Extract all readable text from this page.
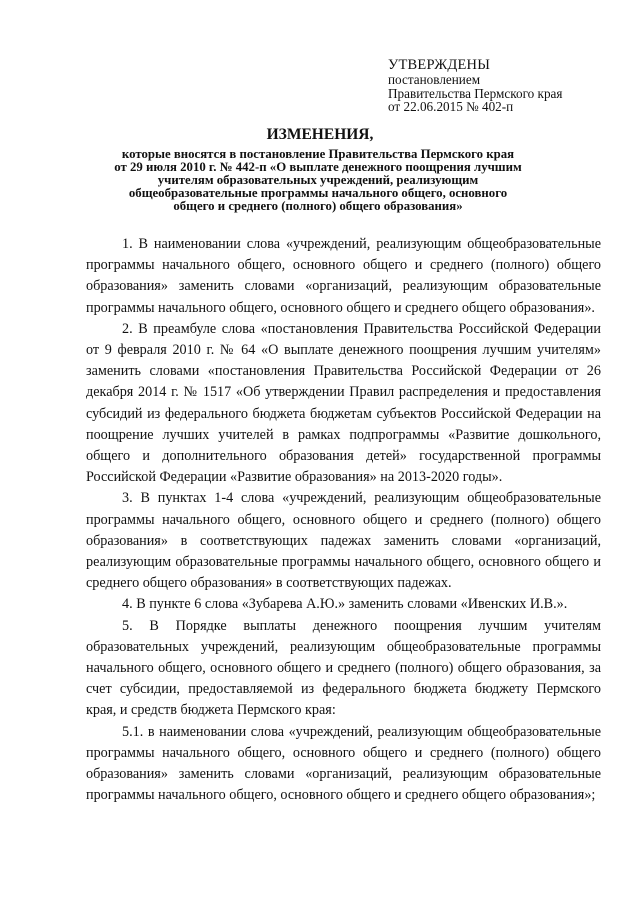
УТВЕРЖДЕНЫ
постановлением
Правительства Пермского края
от 22.06.2015 № 402-п
ИЗМЕНЕНИЯ,
которые вносятся в постановление Правительства Пермского края
от 29 июля 2010 г. № 442-п «О выплате денежного поощрения лучшим
учителям образовательных учреждений, реализующим
общеобразовательные программы начального общего, основного
общего и среднего (полного) общего образования»

1. В наименовании слова «учреждений, реализующим общеобразовательные программы начального общего, основного общего и среднего (полного) общего образования» заменить словами «организаций, реализующим образовательные программы начального общего, основного общего и среднего общего образования».

2. В преамбуле слова «постановления Правительства Российской Федерации от 9 февраля 2010 г. № 64 «О выплате денежного поощрения лучшим учителям» заменить словами «постановления Правительства Российской Федерации от 26 декабря 2014 г. № 1517 «Об утверждении Правил распределения и предоставления субсидий из федерального бюджета бюджетам субъектов Российской Федерации на поощрение лучших учителей в рамках подпрограммы «Развитие дошкольного, общего и дополнительного образования детей» государственной программы Российской Федерации «Развитие образования» на 2013-2020 годы».

3. В пунктах 1-4 слова «учреждений, реализующим общеобразовательные программы начального общего, основного общего и среднего (полного) общего образования» в соответствующих падежах заменить словами «организаций, реализующим образовательные программы начального общего, основного общего и среднего общего образования» в соответствующих падежах.

4. В пункте 6 слова «Зубарева А.Ю.» заменить словами «Ивенских И.В.».

5. В Порядке выплаты денежного поощрения лучшим учителям образовательных учреждений, реализующим общеобразовательные программы начального общего, основного общего и среднего (полного) общего образования, за счет субсидии, предоставляемой из федерального бюджета бюджету Пермского края, и средств бюджета Пермского края:

5.1. в наименовании слова «учреждений, реализующим общеобразовательные программы начального общего, основного общего и среднего (полного) общего образования» заменить словами «организаций, реализующим образовательные программы начального общего, основного общего и среднего общего образования»;
